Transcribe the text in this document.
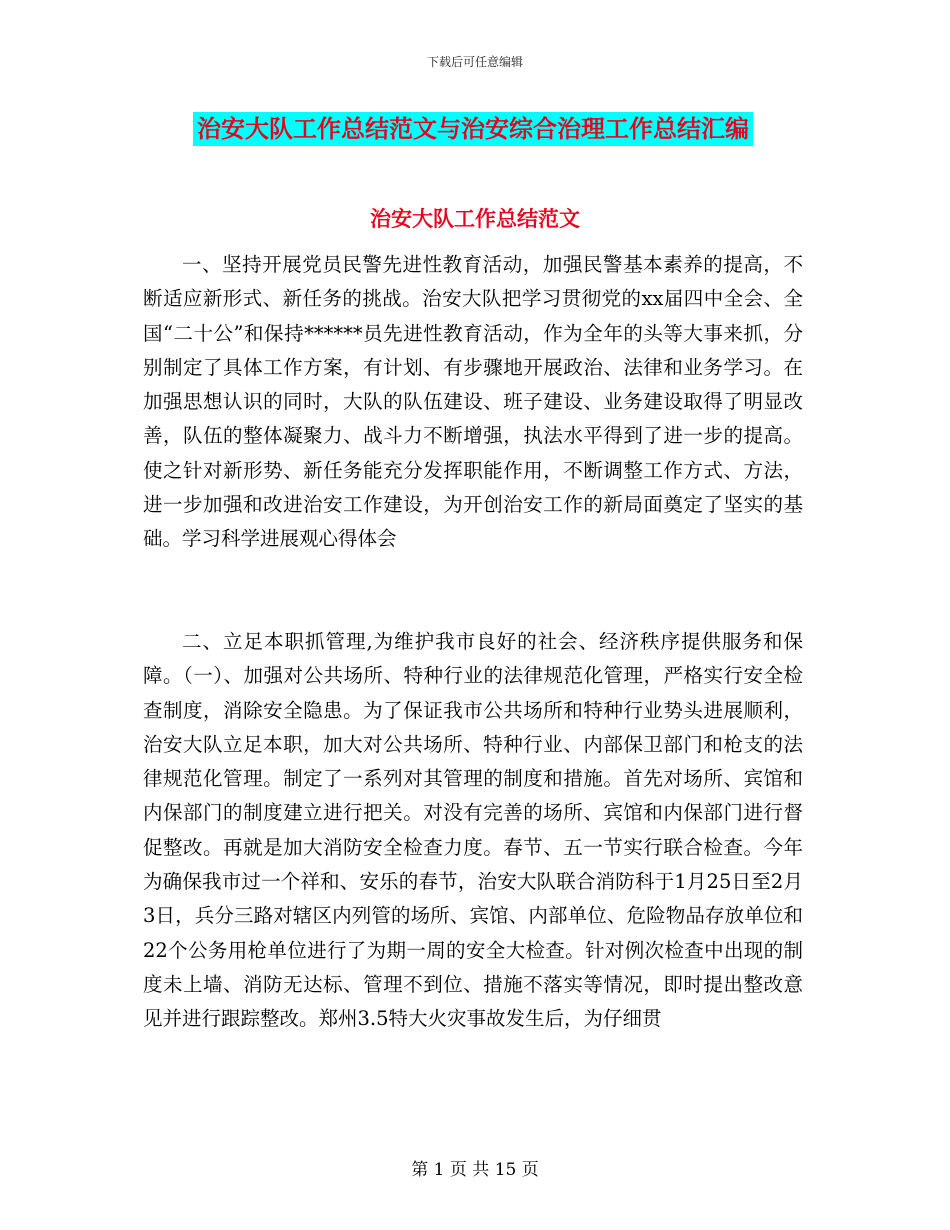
下载后可任意编辑
治安大队工作总结范文与治安综合治理工作总结汇编
治安大队工作总结范文

一、坚持开展党员民警先进性教育活动，加强民警基本素养的提高，不断适应新形式、新任务的挑战。治安大队把学习贯彻党的xx届四中全会、全国“二十公”和保持******员先进性教育活动，作为全年的头等大事来抓，分别制定了具体工作方案，有计划、有步骤地开展政治、法律和业务学习。在加强思想认识的同时，大队的队伍建设、班子建设、业务建设取得了明显改善，队伍的整体凝聚力、战斗力不断增强，执法水平得到了进一步的提高。使之针对新形势、新任务能充分发挥职能作用，不断调整工作方式、方法，进一步加强和改进治安工作建设，为开创治安工作的新局面奠定了坚实的基础。学习科学进展观心得体会

二、立足本职抓管理,为维护我市良好的社会、经济秩序提供服务和保障。（一）、加强对公共场所、特种行业的法律规范化管理，严格实行安全检查制度，消除安全隐患。为了保证我市公共场所和特种行业势头进展顺利，治安大队立足本职，加大对公共场所、特种行业、内部保卫部门和枪支的法律规范化管理。制定了一系列对其管理的制度和措施。首先对场所、宾馆和内保部门的制度建立进行把关。对没有完善的场所、宾馆和内保部门进行督促整改。再就是加大消防安全检查力度。春节、五一节实行联合检查。今年为确保我市过一个祥和、安乐的春节，治安大队联合消防科于1月25日至2月3日，兵分三路对辖区内列管的场所、宾馆、内部单位、危险物品存放单位和22个公务用枪单位进行了为期一周的安全大检查。针对例次检查中出现的制度未上墙、消防无达标、管理不到位、措施不落实等情况，即时提出整改意见并进行跟踪整改。郑州3.5特大火灾事故发生后，为仔细贯

第 1 页 共 15 页
